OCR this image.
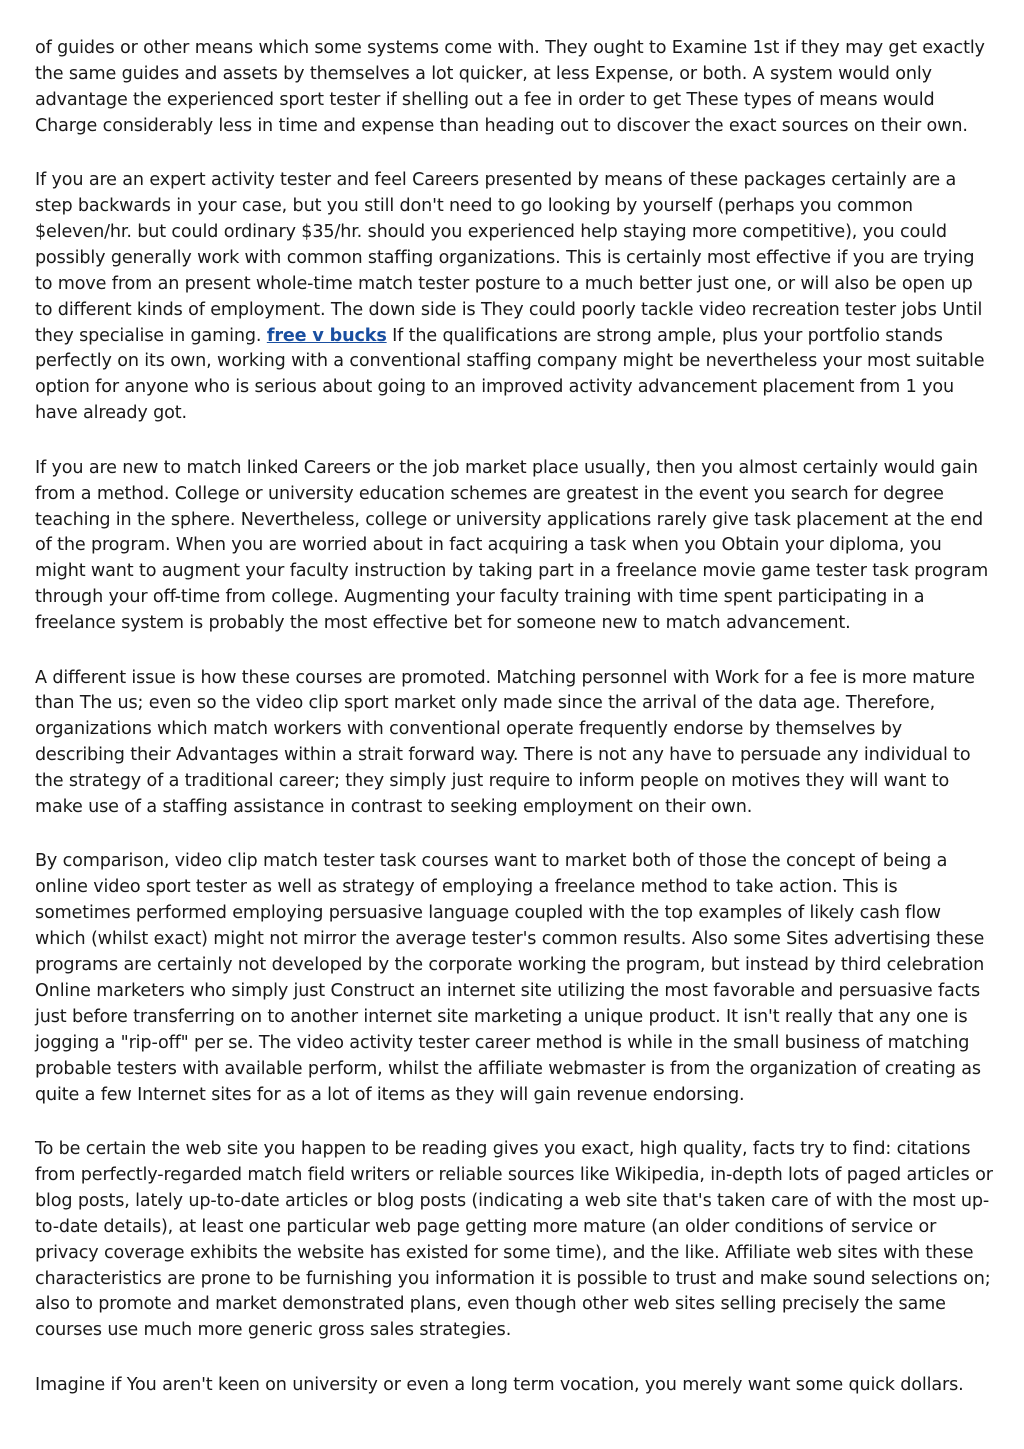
of guides or other means which some systems come with. They ought to Examine 1st if they may get exactly the same guides and assets by themselves a lot quicker, at less Expense, or both. A system would only advantage the experienced sport tester if shelling out a fee in order to get These types of means would Charge considerably less in time and expense than heading out to discover the exact sources on their own.

If you are an expert activity tester and feel Careers presented by means of these packages certainly are a step backwards in your case, but you still don't need to go looking by yourself (perhaps you common $eleven/hr. but could ordinary $35/hr. should you experienced help staying more competitive), you could possibly generally work with common staffing organizations. This is certainly most effective if you are trying to move from an present whole-time match tester posture to a much better just one, or will also be open up to different kinds of employment. The down side is They could poorly tackle video recreation tester jobs Until they specialise in gaming. free v bucks If the qualifications are strong ample, plus your portfolio stands perfectly on its own, working with a conventional staffing company might be nevertheless your most suitable option for anyone who is serious about going to an improved activity advancement placement from 1 you have already got.

If you are new to match linked Careers or the job market place usually, then you almost certainly would gain from a method. College or university education schemes are greatest in the event you search for degree teaching in the sphere. Nevertheless, college or university applications rarely give task placement at the end of the program. When you are worried about in fact acquiring a task when you Obtain your diploma, you might want to augment your faculty instruction by taking part in a freelance movie game tester task program through your off-time from college. Augmenting your faculty training with time spent participating in a freelance system is probably the most effective bet for someone new to match advancement.

A different issue is how these courses are promoted. Matching personnel with Work for a fee is more mature than The us; even so the video clip sport market only made since the arrival of the data age. Therefore, organizations which match workers with conventional operate frequently endorse by themselves by describing their Advantages within a strait forward way. There is not any have to persuade any individual to the strategy of a traditional career; they simply just require to inform people on motives they will want to make use of a staffing assistance in contrast to seeking employment on their own.

By comparison, video clip match tester task courses want to market both of those the concept of being a online video sport tester as well as strategy of employing a freelance method to take action. This is sometimes performed employing persuasive language coupled with the top examples of likely cash flow which (whilst exact) might not mirror the average tester's common results. Also some Sites advertising these programs are certainly not developed by the corporate working the program, but instead by third celebration Online marketers who simply just Construct an internet site utilizing the most favorable and persuasive facts just before transferring on to another internet site marketing a unique product. It isn't really that any one is jogging a "rip-off" per se. The video activity tester career method is while in the small business of matching probable testers with available perform, whilst the affiliate webmaster is from the organization of creating as quite a few Internet sites for as a lot of items as they will gain revenue endorsing.

To be certain the web site you happen to be reading gives you exact, high quality, facts try to find: citations from perfectly-regarded match field writers or reliable sources like Wikipedia, in-depth lots of paged articles or blog posts, lately up-to-date articles or blog posts (indicating a web site that's taken care of with the most up-to-date details), at least one particular web page getting more mature (an older conditions of service or privacy coverage exhibits the website has existed for some time), and the like. Affiliate web sites with these characteristics are prone to be furnishing you information it is possible to trust and make sound selections on; also to promote and market demonstrated plans, even though other web sites selling precisely the same courses use much more generic gross sales strategies.

Imagine if You aren't keen on university or even a long term vocation, you merely want some quick dollars.
